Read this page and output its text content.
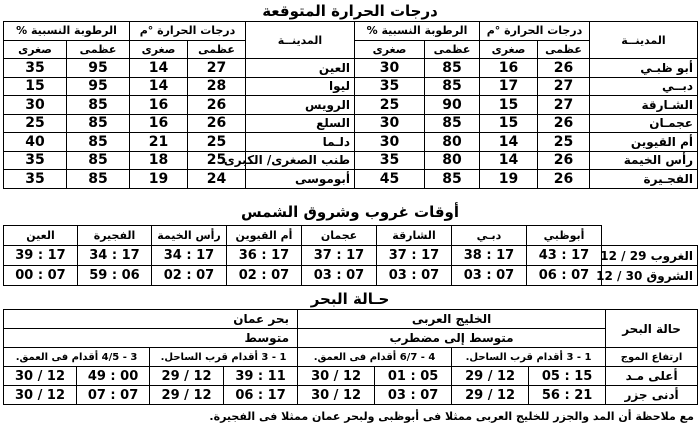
درجات الحرارة المتوقعة
المدينــة	درجات الحرارة °م		الرطوبة النسبية %		المدينــة	درجات الحرارة °م		الرطوبة النسبية %	
	عظمى	صغرى	عظمى	صغرى		عظمى	صغرى	عظمى	صغرى
أبو ظبـي	26	16	85	30	العين	27	14	95	35
دبــي	27	17	85	35	ليوا	28	14	95	15
الشـارقة	27	15	90	25	الرويس	26	16	85	30
عجمـان	26	15	85	30	السلع	26	16	85	25
أم القيوين	25	14	80	30	دلـما	25	21	85	40
رأس الخيمة	26	14	80	35	طنب الصغرى/ الكبرى	25	18	85	35
الفجـيرة	26	19	85	45	أبوموسى	24	19	85	35
أوقات غروب وشروق الشمس
	أبوظبي	دبـي	الشارقة	عجمان	أم القيوين	رأس الخيمة	الفجيرة	العين
الغروب 29 / 12	17 : 43	17 : 38	17 : 37	17 : 37	17 : 36	17 : 34	17 : 34	17 : 39
الشروق 30 / 12	07 : 06	07 : 03	07 : 03	07 : 03	07 : 02	07 : 02	06 : 59	07 : 00
حـالة البحر
حالة البحر	الخليج العربى				بحر عمان			
	متوسط إلى مضطرب				متوسط			
ارتفاع الموج	1 - 3 أقدام قرب الساحل.		4 - 6/7 أقدام فى العمق.		1 - 3 أقدام قرب الساحل.		3 - 4/5 أقدام فى العمق.	
أعلى مـد	15 : 05	12 / 29	05 : 01	12 / 30	11 : 39	12 / 29	00 : 49	12 / 30
أدنى جزر	21 : 56	12 / 29	07 : 03	12 / 30	17 : 06	12 / 29	07 : 07	12 / 30
مع ملاحظة أن المد والجزر للخليج العربى ممثلا فى أبوظبى ولبحر عمان ممثلا فى الفجيرة.
